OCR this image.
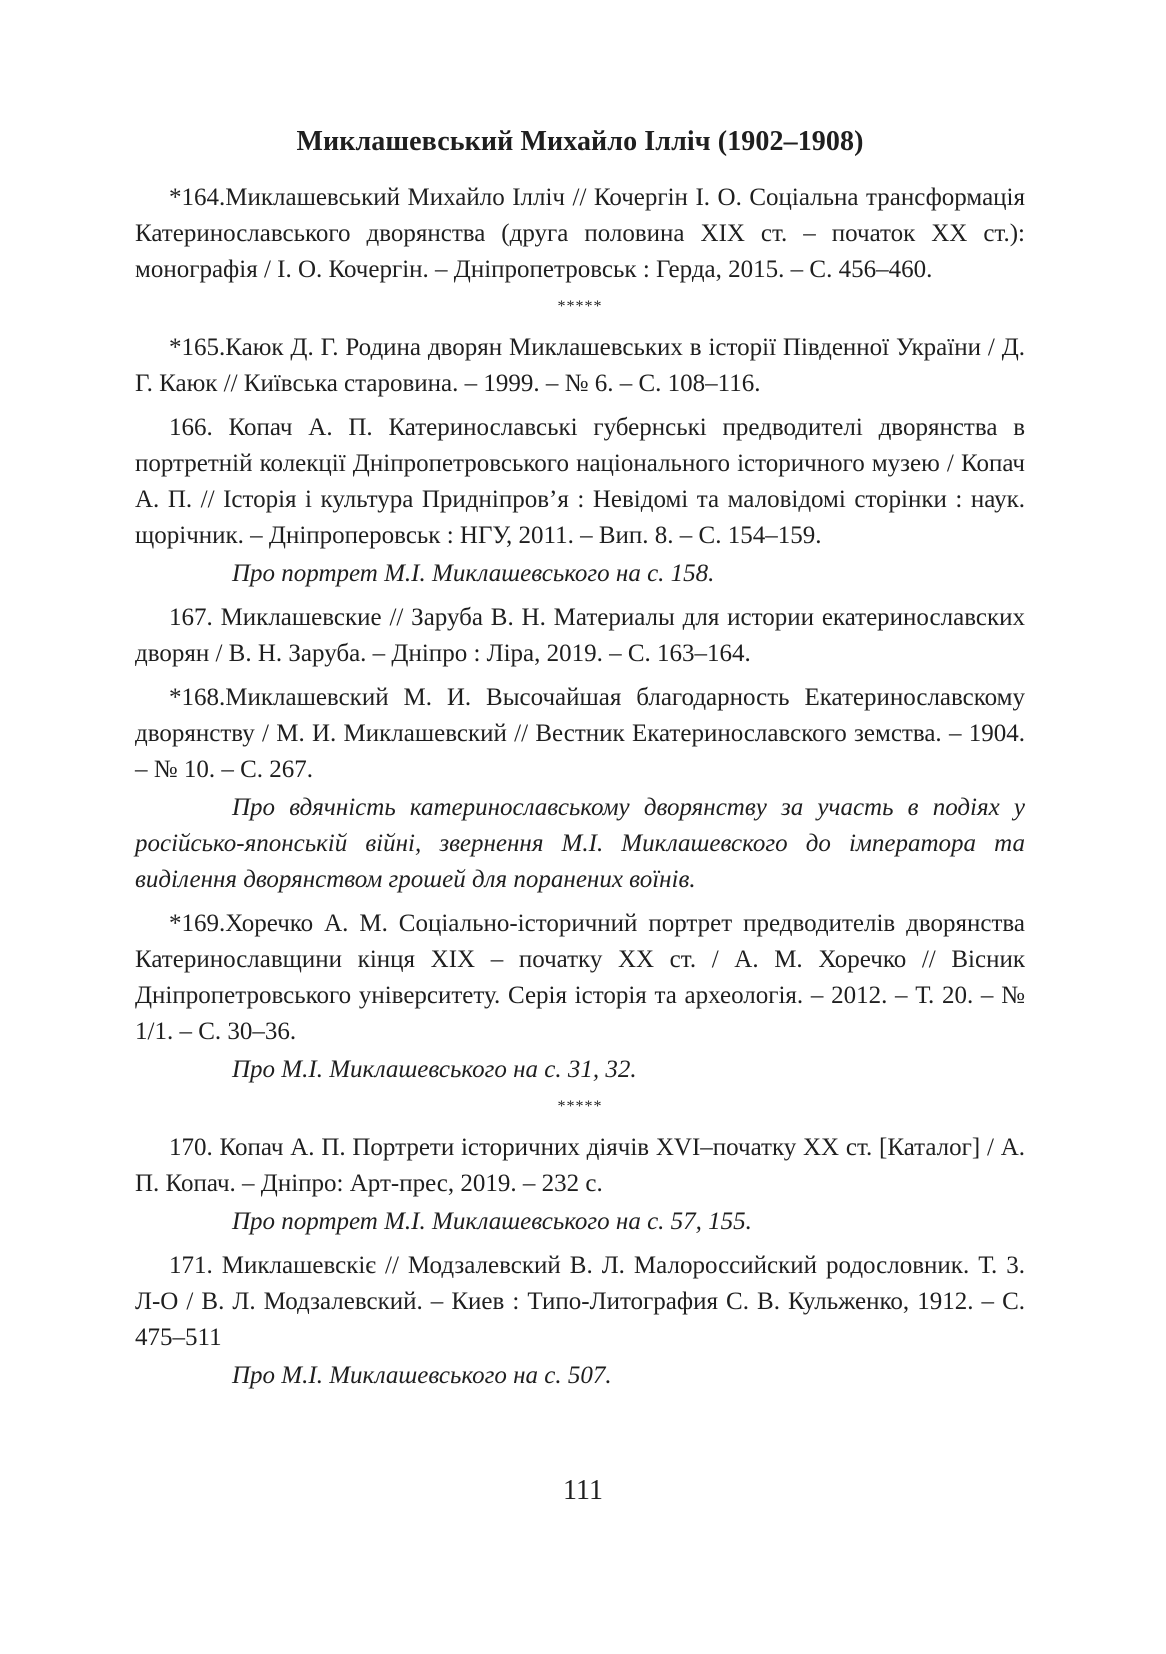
Миклашевський Михайло Ілліч (1902–1908)

*164.Миклашевський Михайло Ілліч // Кочергін І. О. Соціальна трансформація Катеринославського дворянства (друга половина XIX ст. – початок XX ст.): монографія / І. О. Кочергін. – Дніпропетровськ : Герда, 2015. – С. 456–460.

*****

*165.Каюк Д. Г. Родина дворян Миклашевських в історії Південної України / Д. Г. Каюк // Київська старовина. – 1999. – № 6. – С. 108–116.

166. Копач А. П. Катеринославські губернські предводителі дворянства в портретній колекції Дніпропетровського національного історичного музею / Копач А. П. // Історія і культура Придніпров’я : Невідомі та маловідомі сторінки : наук. щорічник. – Дніпроперовськ : НГУ, 2011. – Вип. 8. – С. 154–159.

Про портрет М.І. Миклашевського на с. 158.

167. Миклашевские // Заруба В. Н. Материалы для истории екатеринославских дворян / В. Н. Заруба. – Дніпро : Ліра, 2019. – С. 163–164.

*168.Миклашевский М. И. Высочайшая благодарность Екатеринославскому дворянству / М. И. Миклашевский // Вестник Екатеринославского земства. – 1904. – № 10. – С. 267.

Про вдячність катеринославському дворянству за участь в подіях у російсько-японській війні, звернення М.І. Миклашевского до імператора та виділення дворянством грошей для поранених воїнів.

*169.Хоречко А. М. Соціально-історичний портрет предводителів дворянства Катеринославщини кінця XIX – початку XX ст. / А. М. Хоречко // Вісник Дніпропетровського університету. Серія історія та археологія. – 2012. – Т. 20. – № 1/1. – С. 30–36.

Про М.І. Миклашевського на с. 31, 32.

*****

170. Копач А. П. Портрети історичних діячів XVI–початку XX ст. [Каталог] / А. П. Копач. – Дніпро: Арт-прес, 2019. – 232 с.

Про портрет М.І. Миклашевського на с. 57, 155.

171. Миклашевскіє // Модзалевский В. Л. Малороссийский родословник. Т. 3. Л-О / В. Л. Модзалевский. – Киев : Типо-Литография С. В. Кульженко, 1912. – С. 475–511

Про М.І. Миклашевського на с. 507.

111
